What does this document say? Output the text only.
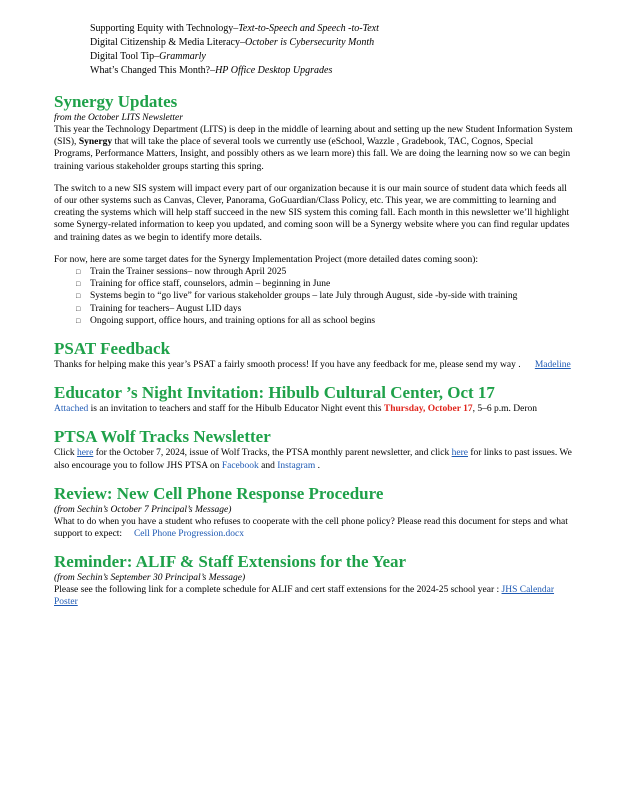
Supporting Equity with Technology–Text-to-Speech and Speech -to-Text
Digital Citizenship & Media Literacy–October is Cybersecurity Month
Digital Tool Tip–Grammarly
What’s Changed This Month?–HP Office Desktop Upgrades
Synergy Updates
from the October LITS Newsletter

This year the Technology Department (LITS) is deep in the middle of learning about and setting up the new Student Information System (SIS), Synergy that will take the place of several tools we currently use (eSchool, Wazzle , Gradebook, TAC, Cognos, Special Programs, Performance Matters, Insight, and possibly others as we learn more) this fall. We are doing the learning now so we can begin training various stakeholder groups starting this spring.

The switch to a new SIS system will impact every part of our organization because it is our main source of student data which feeds all of our other systems such as Canvas, Clever, Panorama, GoGuardian/Class Policy, etc. This year, we are committing to learning and creating the systems which will help staff succeed in the new SIS system this coming fall. Each month in this newsletter we’ll highlight some Synergy-related information to keep you updated, and coming soon will be a Synergy website where you can find regular updates and training dates as we begin to identify more details.

For now, here are some target dates for the Synergy Implementation Project (more detailed dates coming soon):

□ Train the Trainer sessions– now through April 2025
□ Training for office staff, counselors, admin – beginning in June
□ Systems begin to “go live” for various stakeholder groups – late July through August, side -by-side with training
□ Training for teachers– August LID days
□ Ongoing support, office hours, and training options for all as school begins
PSAT Feedback

Thanks for helping make this year’s PSAT a fairly smooth process! If you have any feedback for me, please send my way . Madeline

Educator ’s Night Invitation: Hibulb Cultural Center, Oct 17

Attached is an invitation to teachers and staff for the Hibulb Educator Night event this Thursday, October 17, 5–6 p.m. Deron

PTSA Wolf Tracks Newsletter

Click here for the October 7, 2024, issue of Wolf Tracks, the PTSA monthly parent newsletter, and click here for links to past issues. We also encourage you to follow JHS PTSA on Facebook and Instagram .

Review: New Cell Phone Response Procedure
(from Sechin’s October 7 Principal’s Message)

What to do when you have a student who refuses to cooperate with the cell phone policy? Please read this document for steps and what support to expect:     Cell Phone Progression.docx

Reminder: ALIF & Staff Extensions for the Year
(from Sechin’s September 30 Principal’s Message)

Please see the following link for a complete schedule for ALIF and cert staff extensions for the 2024-25 school year : JHS Calendar Poster
